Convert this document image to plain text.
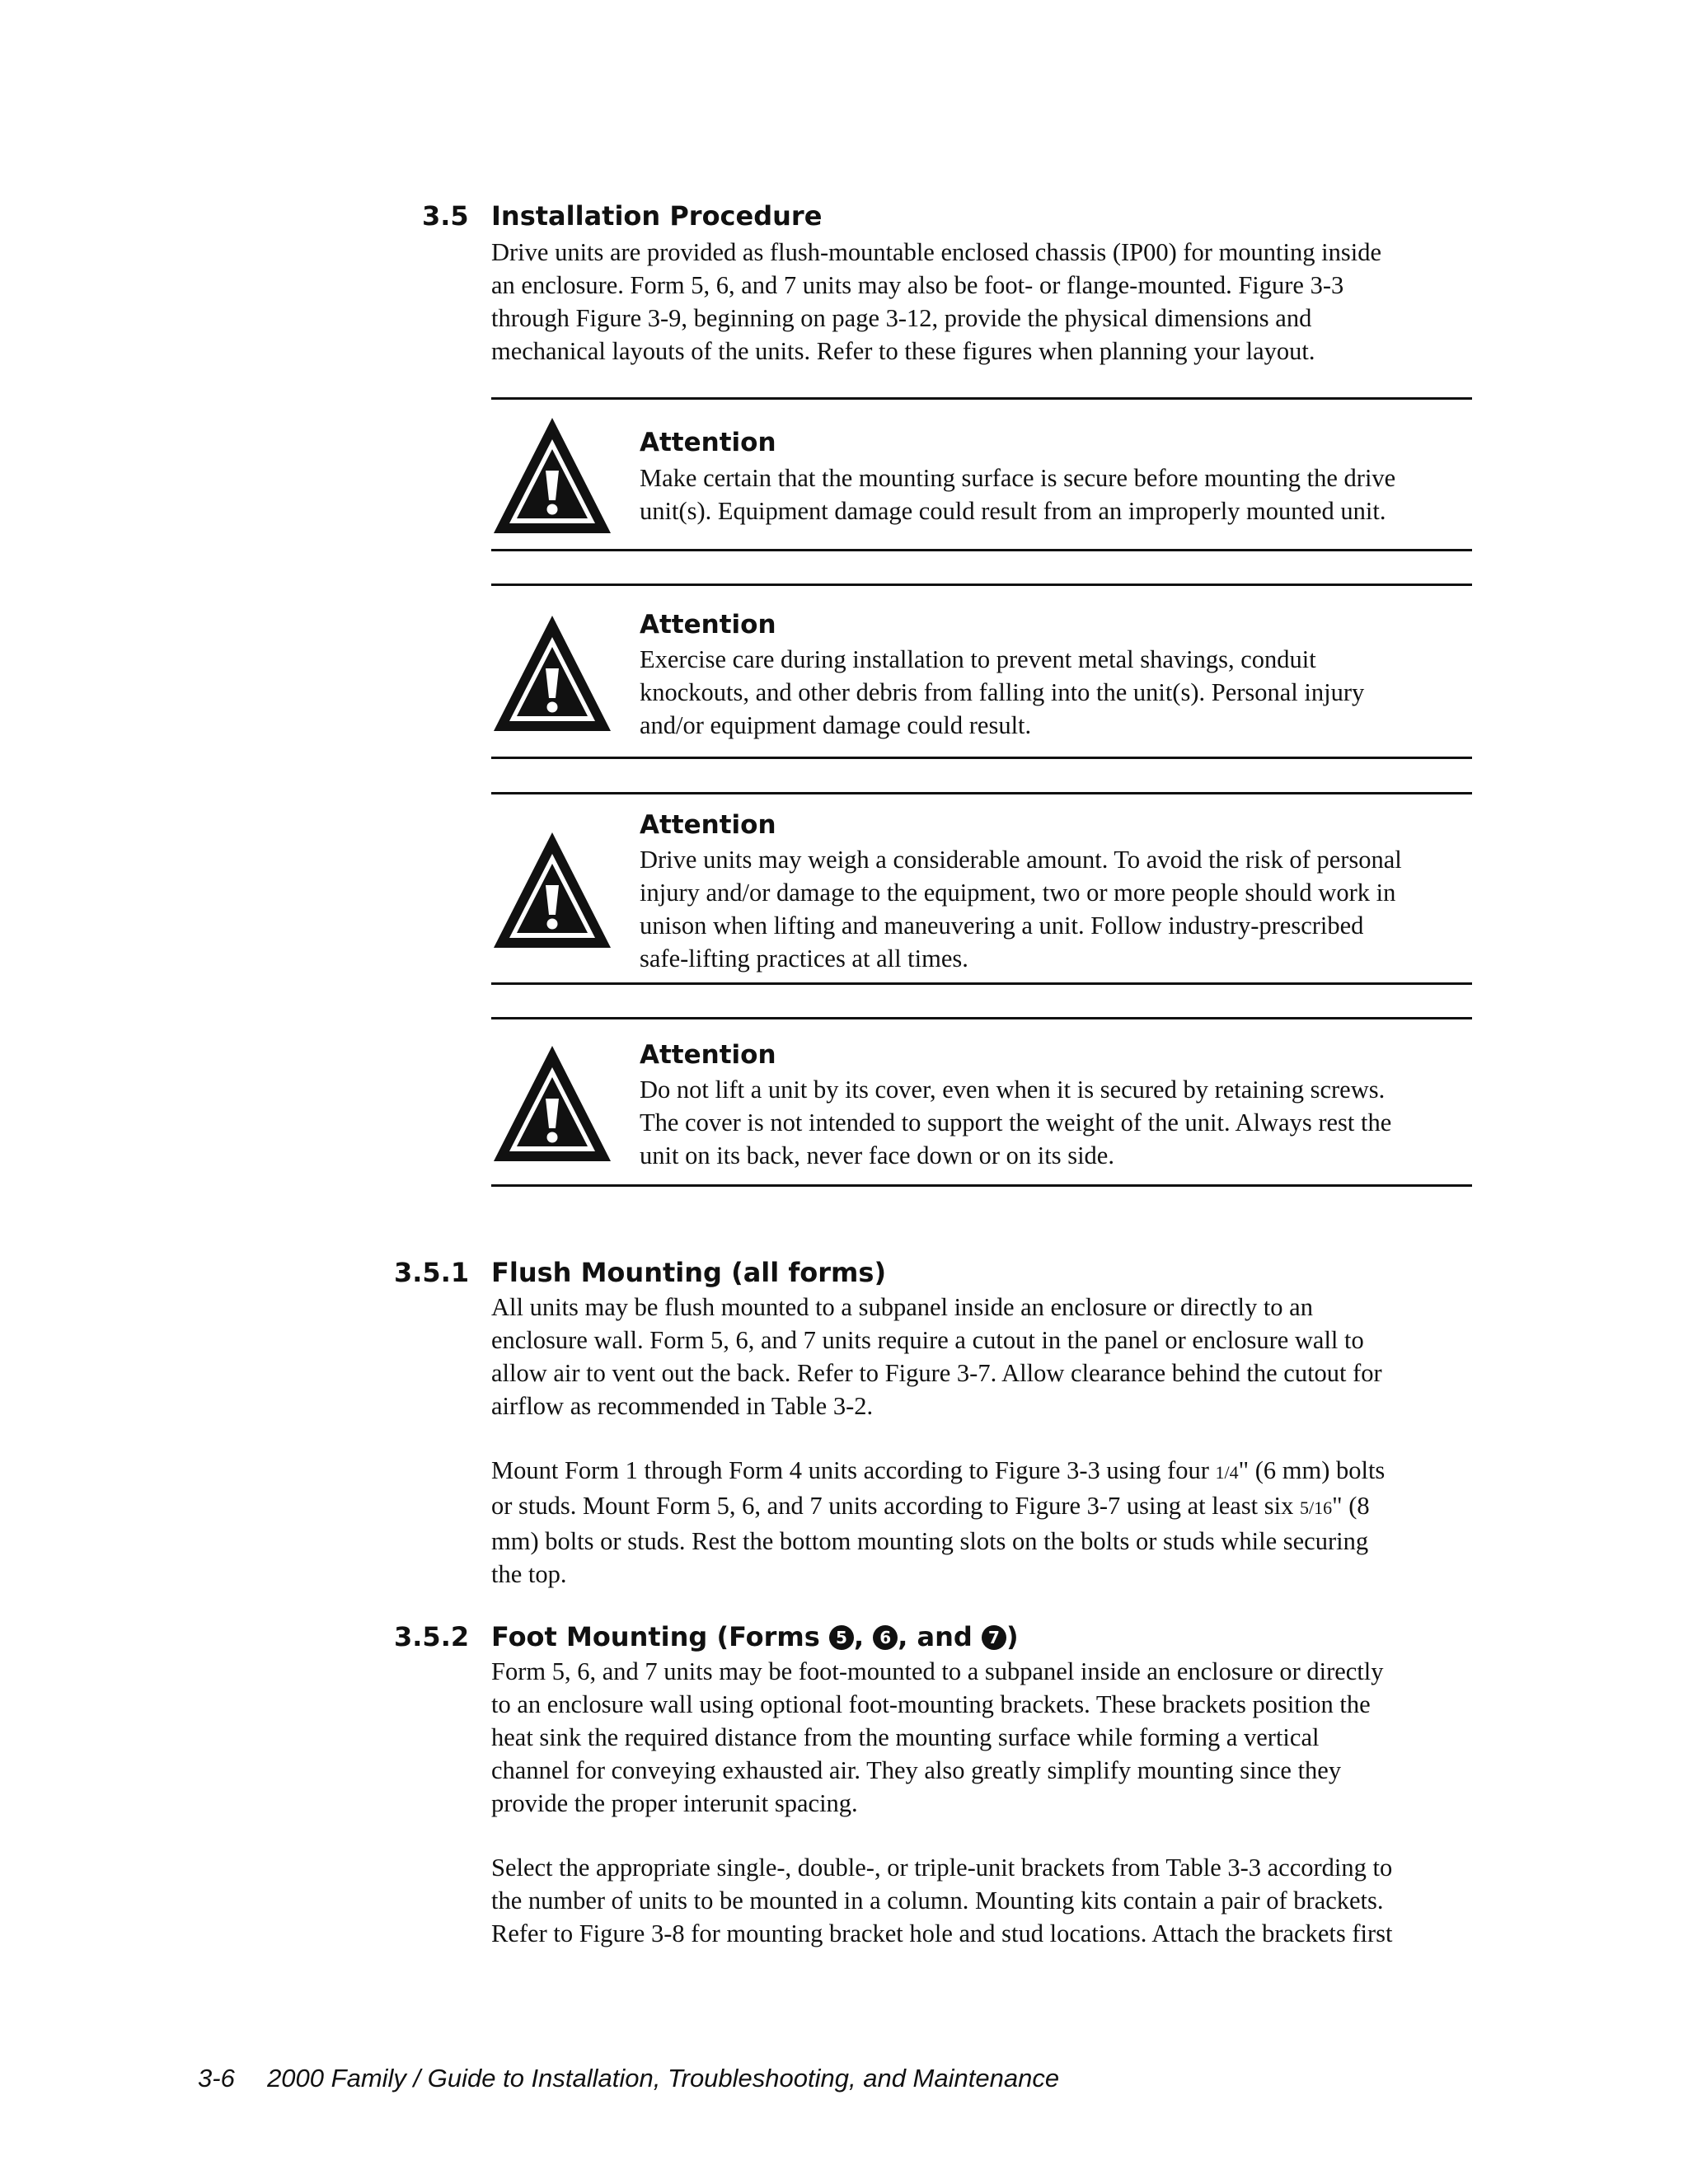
3.5 Installation Procedure
Drive units are provided as flush-mountable enclosed chassis (IP00) for mounting inside
an enclosure. Form 5, 6, and 7 units may also be foot- or flange-mounted. Figure 3-3
through Figure 3-9, beginning on page 3-12, provide the physical dimensions and
mechanical layouts of the units. Refer to these figures when planning your layout.
Attention
Make certain that the mounting surface is secure before mounting the drive
unit(s). Equipment damage could result from an improperly mounted unit.
Attention
Exercise care during installation to prevent metal shavings, conduit
knockouts, and other debris from falling into the unit(s). Personal injury
and/or equipment damage could result.
Attention
Drive units may weigh a considerable amount. To avoid the risk of personal
injury and/or damage to the equipment, two or more people should work in
unison when lifting and maneuvering a unit. Follow industry-prescribed
safe-lifting practices at all times.
Attention
Do not lift a unit by its cover, even when it is secured by retaining screws.
The cover is not intended to support the weight of the unit. Always rest the
unit on its back, never face down or on its side.
3.5.1 Flush Mounting (all forms)
All units may be flush mounted to a subpanel inside an enclosure or directly to an
enclosure wall. Form 5, 6, and 7 units require a cutout in the panel or enclosure wall to
allow air to vent out the back. Refer to Figure 3-7. Allow clearance behind the cutout for
airflow as recommended in Table 3-2.
Mount Form 1 through Form 4 units according to Figure 3-3 using four 1/4" (6 mm) bolts
or studs. Mount Form 5, 6, and 7 units according to Figure 3-7 using at least six 5/16" (8
mm) bolts or studs. Rest the bottom mounting slots on the bolts or studs while securing
the top.
3.5.2 Foot Mounting (Forms 5 , 6 , and 7 )
Form 5, 6, and 7 units may be foot-mounted to a subpanel inside an enclosure or directly
to an enclosure wall using optional foot-mounting brackets. These brackets position the
heat sink the required distance from the mounting surface while forming a vertical
channel for conveying exhausted air. They also greatly simplify mounting since they
provide the proper interunit spacing.
Select the appropriate single-, double-, or triple-unit brackets from Table 3-3 according to
the number of units to be mounted in a column. Mounting kits contain a pair of brackets.
Refer to Figure 3-8 for mounting bracket hole and stud locations. Attach the brackets first
3-6 2000 Family / Guide to Installation, Troubleshooting, and Maintenance
